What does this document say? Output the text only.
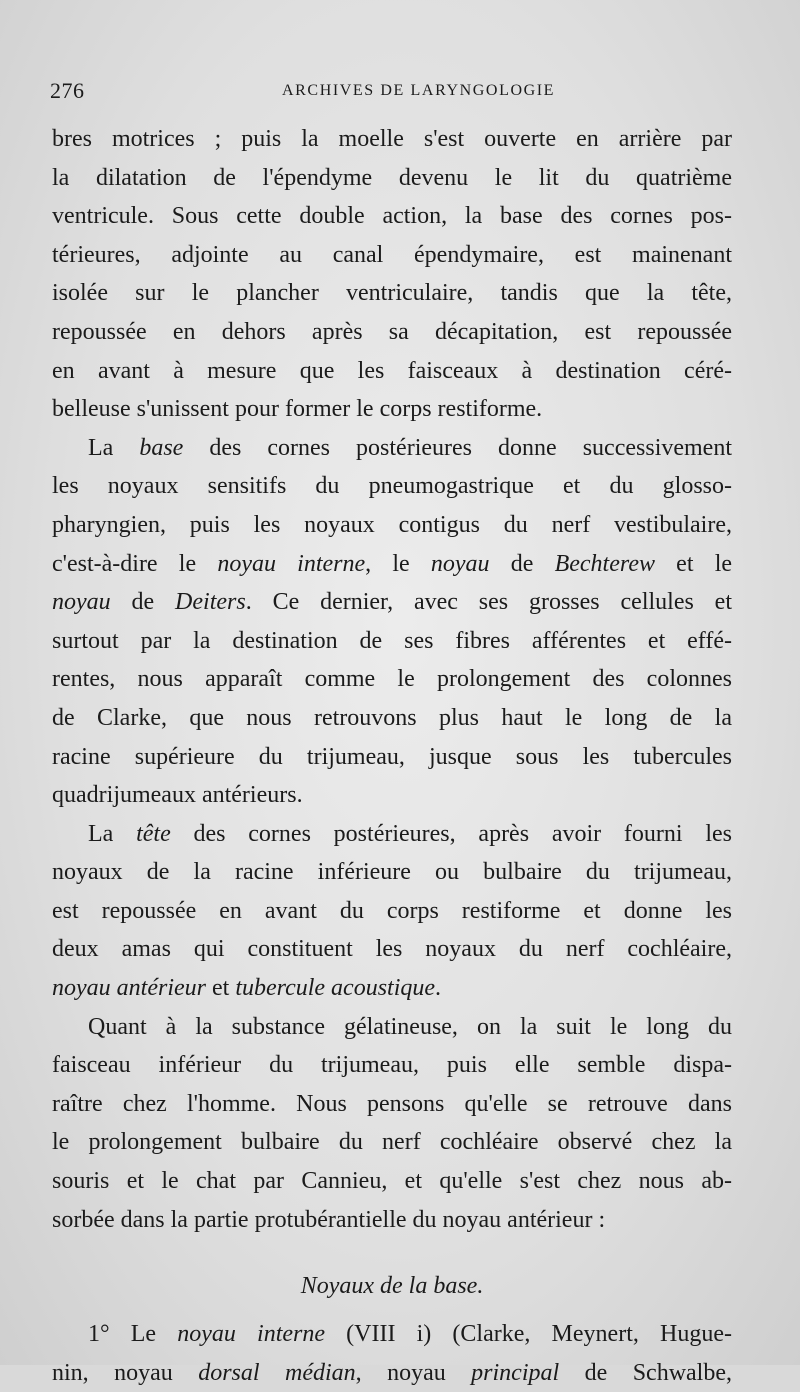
276	ARCHIVES DE LARYNGOLOGIE
bres motrices ; puis la moelle s'est ouverte en arrière par
la dilatation de l'épendyme devenu le lit du quatrième
ventricule. Sous cette double action, la base des cornes pos-
térieures, adjointe au canal épendymaire, est mainenant
isolée sur le plancher ventriculaire, tandis que la tête,
repoussée en dehors après sa décapitation, est repoussée
en avant à mesure que les faisceaux à destination céré-
belleuse s'unissent pour former le corps restiforme.
La base des cornes postérieures donne successivement
les noyaux sensitifs du pneumogastrique et du glosso-
pharyngien, puis les noyaux contigus du nerf vestibulaire,
c'est-à-dire le noyau interne, le noyau de Bechterew et le
noyau de Deiters. Ce dernier, avec ses grosses cellules et
surtout par la destination de ses fibres afférentes et effé-
rentes, nous apparaît comme le prolongement des colonnes
de Clarke, que nous retrouvons plus haut le long de la
racine supérieure du trijumeau, jusque sous les tubercules
quadrijumeaux antérieurs.
La tête des cornes postérieures, après avoir fourni les
noyaux de la racine inférieure ou bulbaire du trijumeau,
est repoussée en avant du corps restiforme et donne les
deux amas qui constituent les noyaux du nerf cochléaire,
noyau antérieur et tubercule acoustique.
Quant à la substance gélatineuse, on la suit le long du
faisceau inférieur du trijumeau, puis elle semble dispa-
raître chez l'homme. Nous pensons qu'elle se retrouve dans
le prolongement bulbaire du nerf cochléaire observé chez la
souris et le chat par Cannieu, et qu'elle s'est chez nous ab-
sorbée dans la partie protubérantielle du noyau antérieur :
Noyaux de la base.
1° Le noyau interne (VIII i) (Clarke, Meynert, Hugue-
nin, noyau dorsal médian, noyau principal de Schwalbe,
